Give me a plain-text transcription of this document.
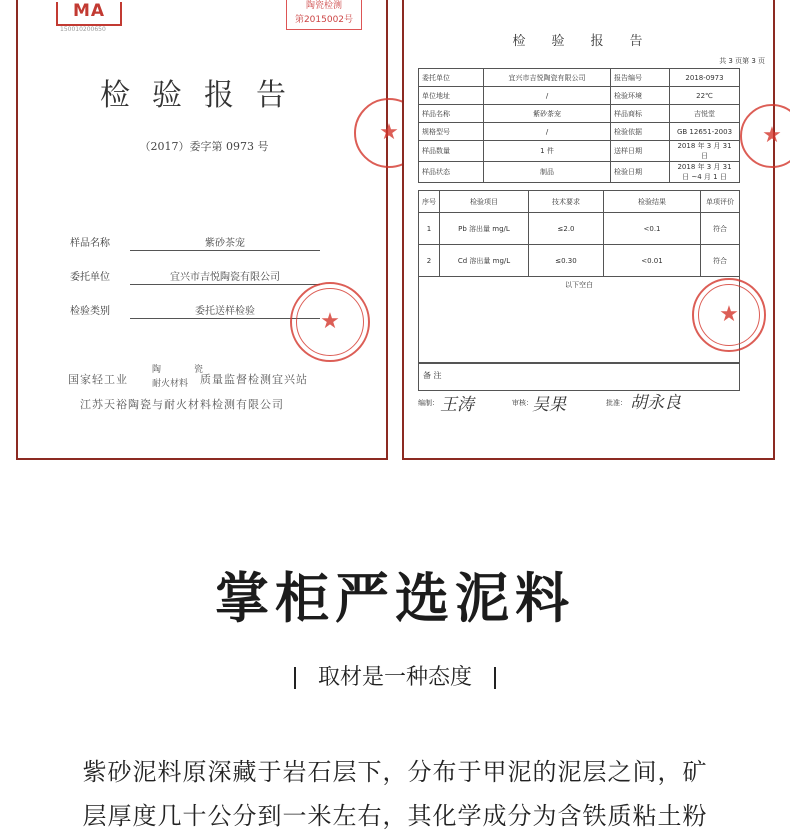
MA
150010200650
陶瓷检测
第2015002号
检验报告
（2017）委字第 0973 号
样品名称	紫砂茶宠
委托单位	宜兴市吉悦陶瓷有限公司
检验类别	委托送样检验
国家轻工业
陶	瓷
耐火材料 质量监督检测宜兴站
江苏天裕陶瓷与耐火材料检测有限公司
★
★
检验报告
共 3 页第 3 页
委托单位	宜兴市吉悦陶瓷有限公司	报告编号	2018-0973
单位地址	/	检验环境	22℃
样品名称	紫砂茶宠	样品商标	吉悦堂
规格型号	/	检验依据	GB 12651-2003
样品数量	1 件	送样日期	2018 年 3 月 31 日
样品状态	制品	检验日期	2018 年 3 月 31 日 ~4 月 1 日
序号	检验项目	技术要求	检验结果	单项评价
1	Pb 溶出量 mg/L	≤2.0	<0.1	符合
2	Cd 溶出量 mg/L	≤0.30	<0.01	符合
以下空白				
备 注
编制： 王涛	审核： 吴果	批准： 胡永良
★
★
掌柜严选泥料
取材是一种态度
紫砂泥料原深藏于岩石层下，分布于甲泥的泥层之间，矿
层厚度几十公分到一米左右，其化学成分为含铁质粘土粉
